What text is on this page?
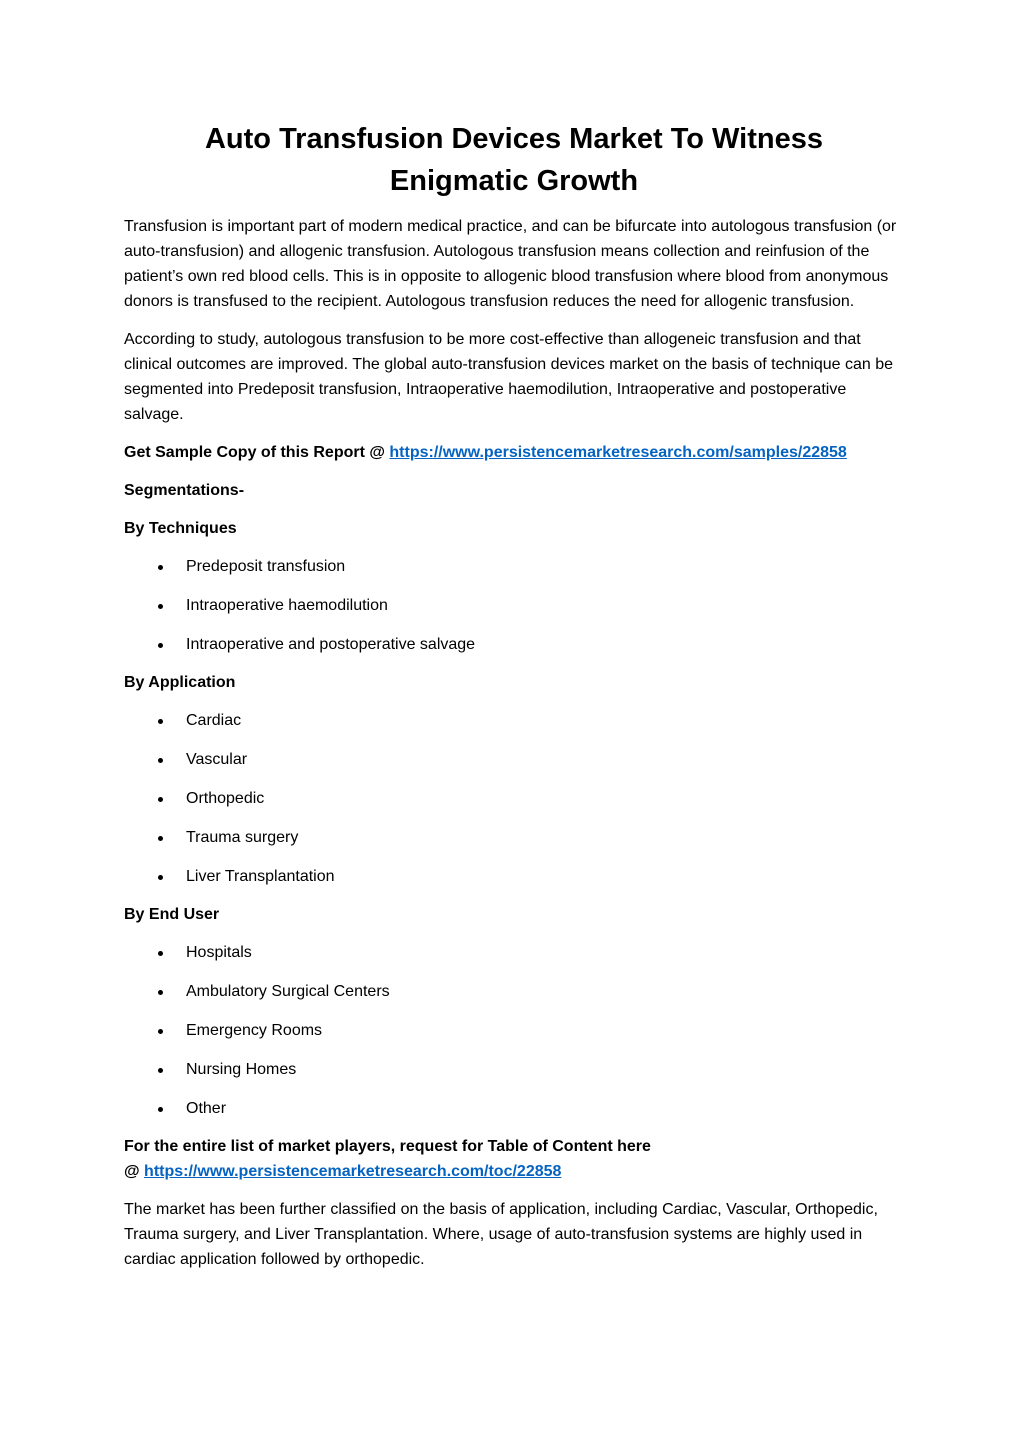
Auto Transfusion Devices Market To Witness Enigmatic Growth

Transfusion is important part of modern medical practice, and can be bifurcate into autologous transfusion (or auto-transfusion) and allogenic transfusion. Autologous transfusion means collection and reinfusion of the patient’s own red blood cells. This is in opposite to allogenic blood transfusion where blood from anonymous donors is transfused to the recipient. Autologous transfusion reduces the need for allogenic transfusion.

According to study, autologous transfusion to be more cost-effective than allogeneic transfusion and that clinical outcomes are improved. The global auto-transfusion devices market on the basis of technique can be segmented into Predeposit transfusion, Intraoperative haemodilution, Intraoperative and postoperative salvage.

Get Sample Copy of this Report @ https://www.persistencemarketresearch.com/samples/22858

Segmentations-
By Techniques
Predeposit transfusion
Intraoperative haemodilution
Intraoperative and postoperative salvage
By Application
Cardiac
Vascular
Orthopedic
Trauma surgery
Liver Transplantation
By End User
Hospitals
Ambulatory Surgical Centers
Emergency Rooms
Nursing Homes
Other

For the entire list of market players, request for Table of Content here
@ https://www.persistencemarketresearch.com/toc/22858

The market has been further classified on the basis of application, including Cardiac, Vascular, Orthopedic, Trauma surgery, and Liver Transplantation. Where, usage of auto-transfusion systems are highly used in cardiac application followed by orthopedic.
